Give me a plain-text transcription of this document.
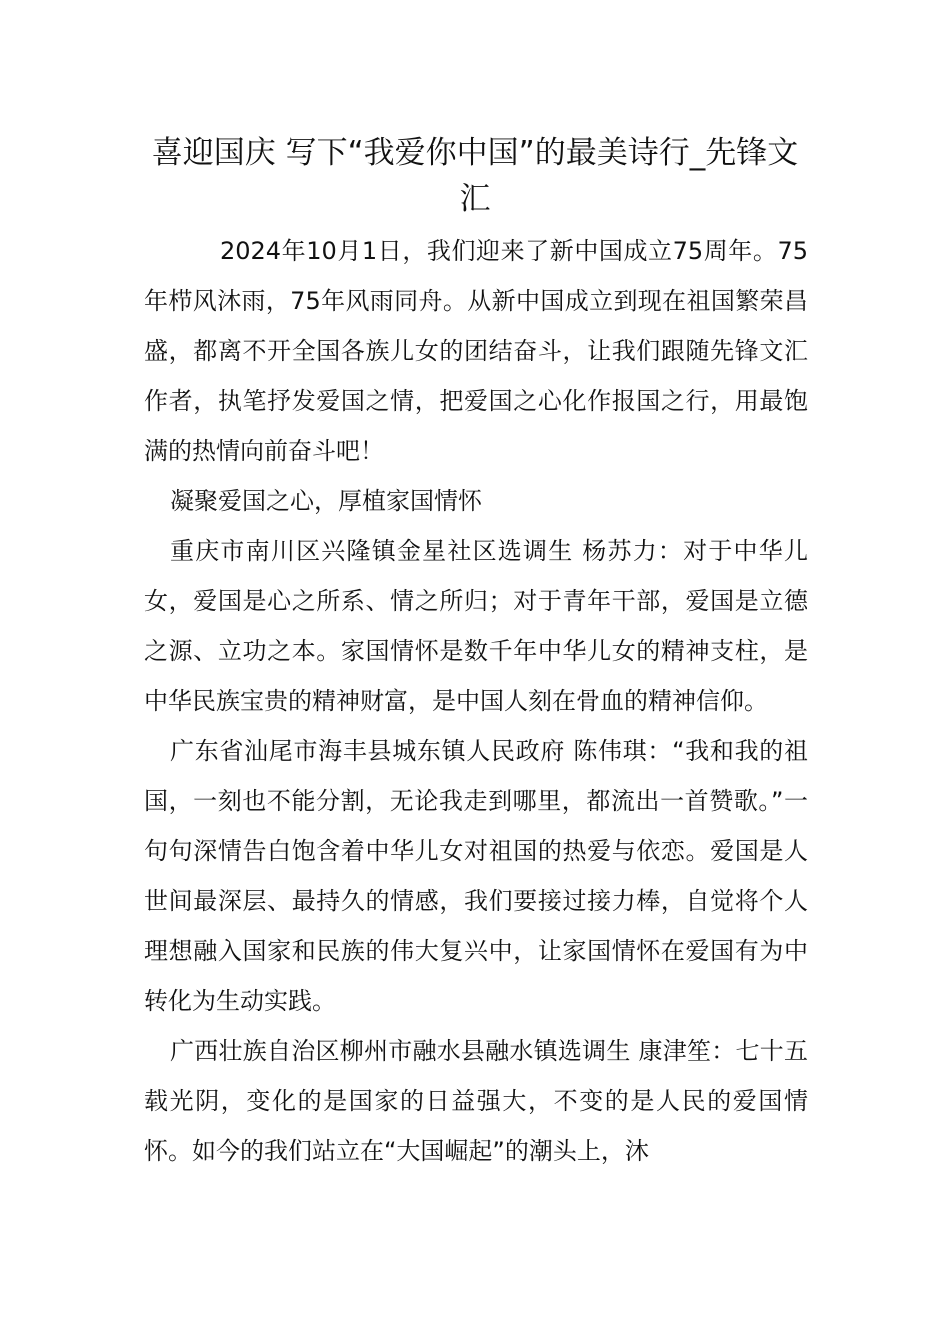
喜迎国庆 写下“我爱你中国”的最美诗行_先锋文汇

2024年10月1日，我们迎来了新中国成立75周年。75年栉风沐雨，75年风雨同舟。从新中国成立到现在祖国繁荣昌盛，都离不开全国各族儿女的团结奋斗，让我们跟随先锋文汇作者，执笔抒发爱国之情，把爱国之心化作报国之行，用最饱满的热情向前奋斗吧！

凝聚爱国之心，厚植家国情怀

重庆市南川区兴隆镇金星社区选调生 杨苏力：对于中华儿女，爱国是心之所系、情之所归；对于青年干部，爱国是立德之源、立功之本。家国情怀是数千年中华儿女的精神支柱，是中华民族宝贵的精神财富，是中国人刻在骨血的精神信仰。

广东省汕尾市海丰县城东镇人民政府 陈伟琪：“我和我的祖国，一刻也不能分割，无论我走到哪里，都流出一首赞歌。”一句句深情告白饱含着中华儿女对祖国的热爱与依恋。爱国是人世间最深层、最持久的情感，我们要接过接力棒，自觉将个人理想融入国家和民族的伟大复兴中，让家国情怀在爱国有为中转化为生动实践。

广西壮族自治区柳州市融水县融水镇选调生 康津笙：七十五载光阴，变化的是国家的日益强大，不变的是人民的爱国情怀。如今的我们站立在“大国崛起”的潮头上，沐
